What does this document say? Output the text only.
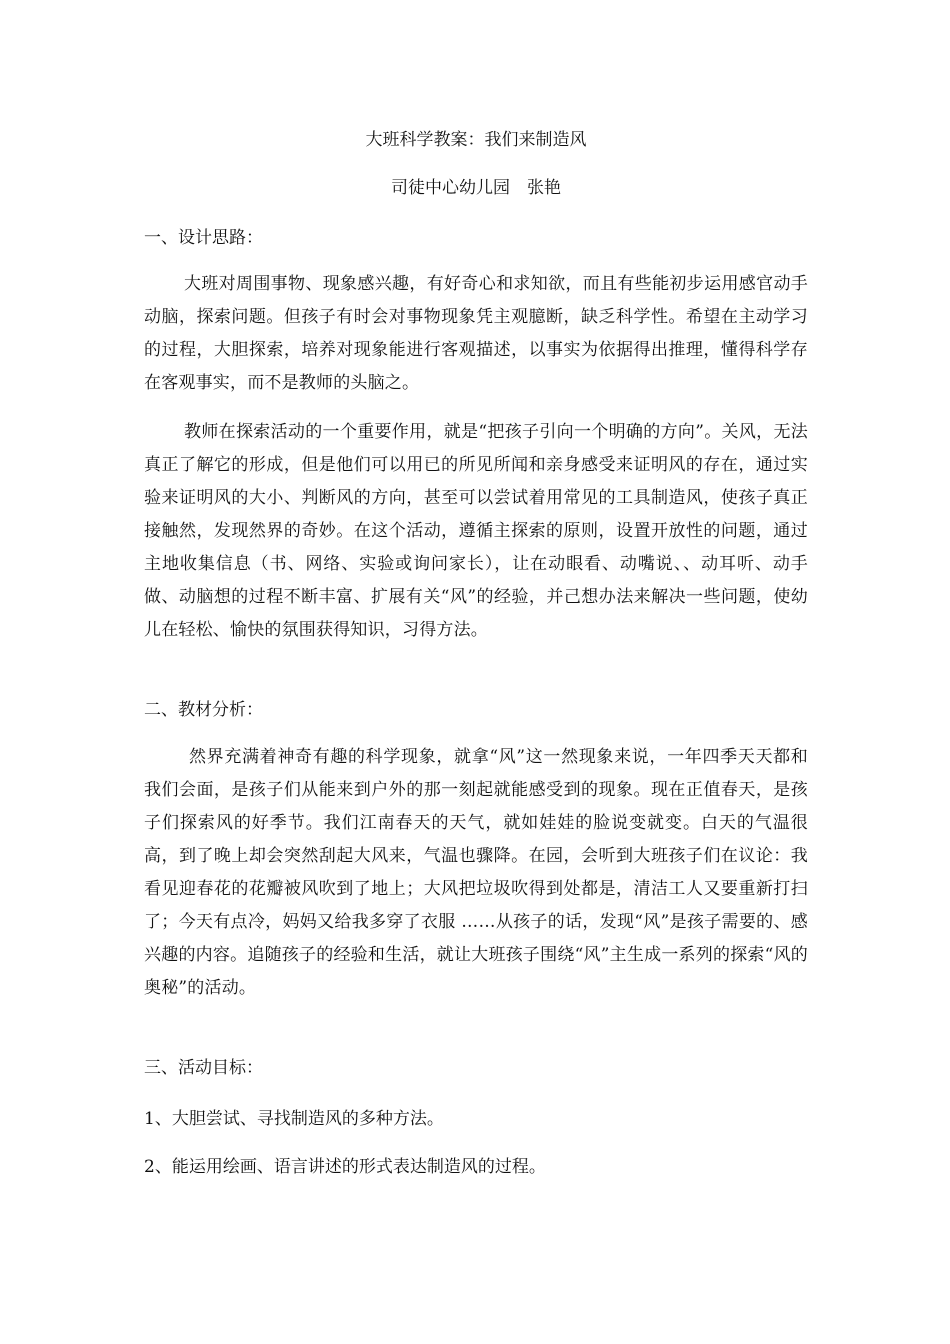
大班科学教案：我们来制造风
司徒中心幼儿园　张艳
一、设计思路：
大班对周围事物、现象感兴趣，有好奇心和求知欲，而且有些能初步运用感官动手动脑，探索问题。但孩子有时会对事物现象凭主观臆断，缺乏科学性。希望在主动学习的过程，大胆探索，培养对现象能进行客观描述，以事实为依据得出推理，懂得科学存在客观事实，而不是教师的头脑之。
教师在探索活动的一个重要作用，就是“把孩子引向一个明确的方向”。关风，无法真正了解它的形成，但是他们可以用已的所见所闻和亲身感受来证明风的存在，通过实验来证明风的大小、判断风的方向，甚至可以尝试着用常见的工具制造风，使孩子真正接触然，发现然界的奇妙。在这个活动，遵循主探索的原则，设置开放性的问题，通过主地收集信息（书、网络、实验或询问家长），让在动眼看、动嘴说、、动耳听、动手做、动脑想的过程不断丰富、扩展有关“风”的经验，并己想办法来解决一些问题，使幼儿在轻松、愉快的氛围获得知识，习得方法。
二、教材分析：
然界充满着神奇有趣的科学现象，就拿“风”这一然现象来说，一年四季天天都和我们会面，是孩子们从能来到户外的那一刻起就能感受到的现象。现在正值春天，是孩子们探索风的好季节。我们江南春天的天气，就如娃娃的脸说变就变。白天的气温很高，到了晚上却会突然刮起大风来，气温也骤降。在园，会听到大班孩子们在议论：我看见迎春花的花瓣被风吹到了地上；大风把垃圾吹得到处都是，清洁工人又要重新打扫了；今天有点冷，妈妈又给我多穿了衣服 ……从孩子的话，发现“风”是孩子需要的、感兴趣的内容。追随孩子的经验和生活，就让大班孩子围绕“风”主生成一系列的探索“风的奥秘”的活动。
三、活动目标：
1、大胆尝试、寻找制造风的多种方法。
2、能运用绘画、语言讲述的形式表达制造风的过程。
